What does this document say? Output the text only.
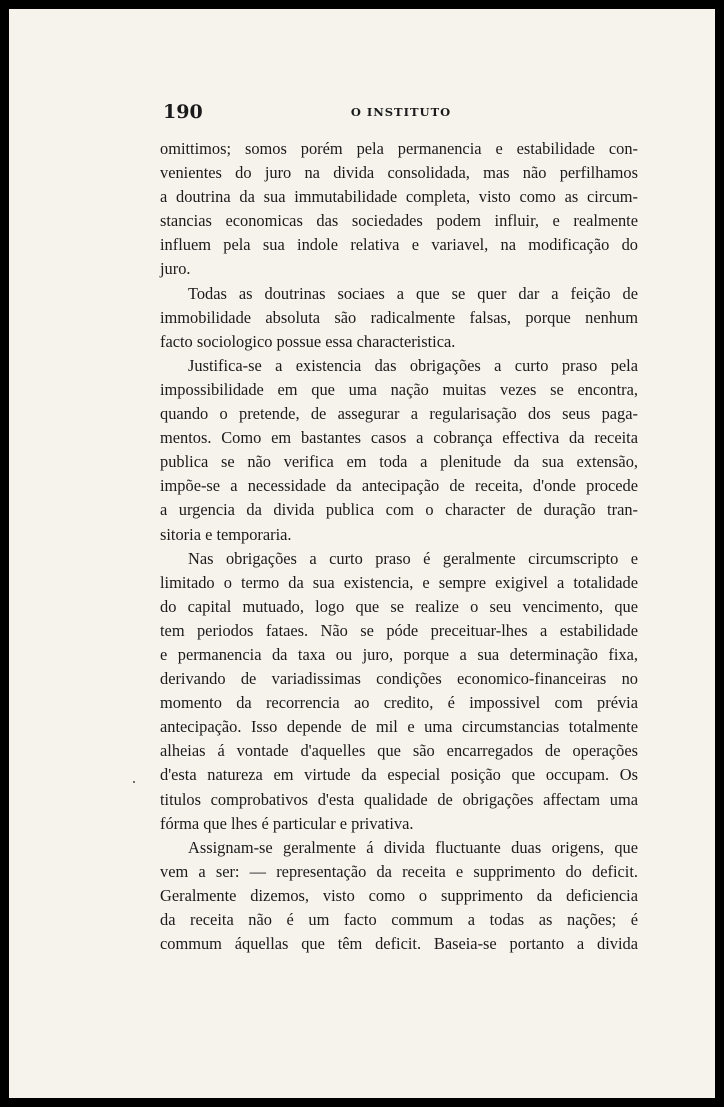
190	O INSTITUTO

omittimos; somos porém pela permanencia e estabilidade con-
venientes do juro na divida consolidada, mas não perfilhamos
a doutrina da sua immutabilidade completa, visto como as circum-
stancias economicas das sociedades podem influir, e realmente
influem pela sua indole relativa e variavel, na modificação do
juro.

Todas as doutrinas sociaes a que se quer dar a feição de
immobilidade absoluta são radicalmente falsas, porque nenhum
facto sociologico possue essa characteristica.

Justifica-se a existencia das obrigações a curto praso pela
impossibilidade em que uma nação muitas vezes se encontra,
quando o pretende, de assegurar a regularisação dos seus paga-
mentos. Como em bastantes casos a cobrança effectiva da receita
publica se não verifica em toda a plenitude da sua extensão,
impõe-se a necessidade da antecipação de receita, d'onde procede
a urgencia da divida publica com o character de duração tran-
sitoria e temporaria.

Nas obrigações a curto praso é geralmente circumscripto e
limitado o termo da sua existencia, e sempre exigivel a totalidade
do capital mutuado, logo que se realize o seu vencimento, que
tem periodos fataes. Não se póde preceituar-lhes a estabilidade
e permanencia da taxa ou juro, porque a sua determinação fixa,
derivando de variadissimas condições economico-financeiras no
momento da recorrencia ao credito, é impossivel com prévia
antecipação. Isso depende de mil e uma circumstancias totalmente
alheias á vontade d'aquelles que são encarregados de operações
d'esta natureza em virtude da especial posição que occupam. Os
titulos comprobativos d'esta qualidade de obrigações affectam uma
fórma que lhes é particular e privativa.

Assignam-se geralmente á divida fluctuante duas origens, que
vem a ser: — representação da receita e supprimento do deficit.
Geralmente dizemos, visto como o supprimento da deficiencia
da receita não é um facto commum a todas as nações; é
commum áquellas que têm deficit. Baseia-se portanto a divida
